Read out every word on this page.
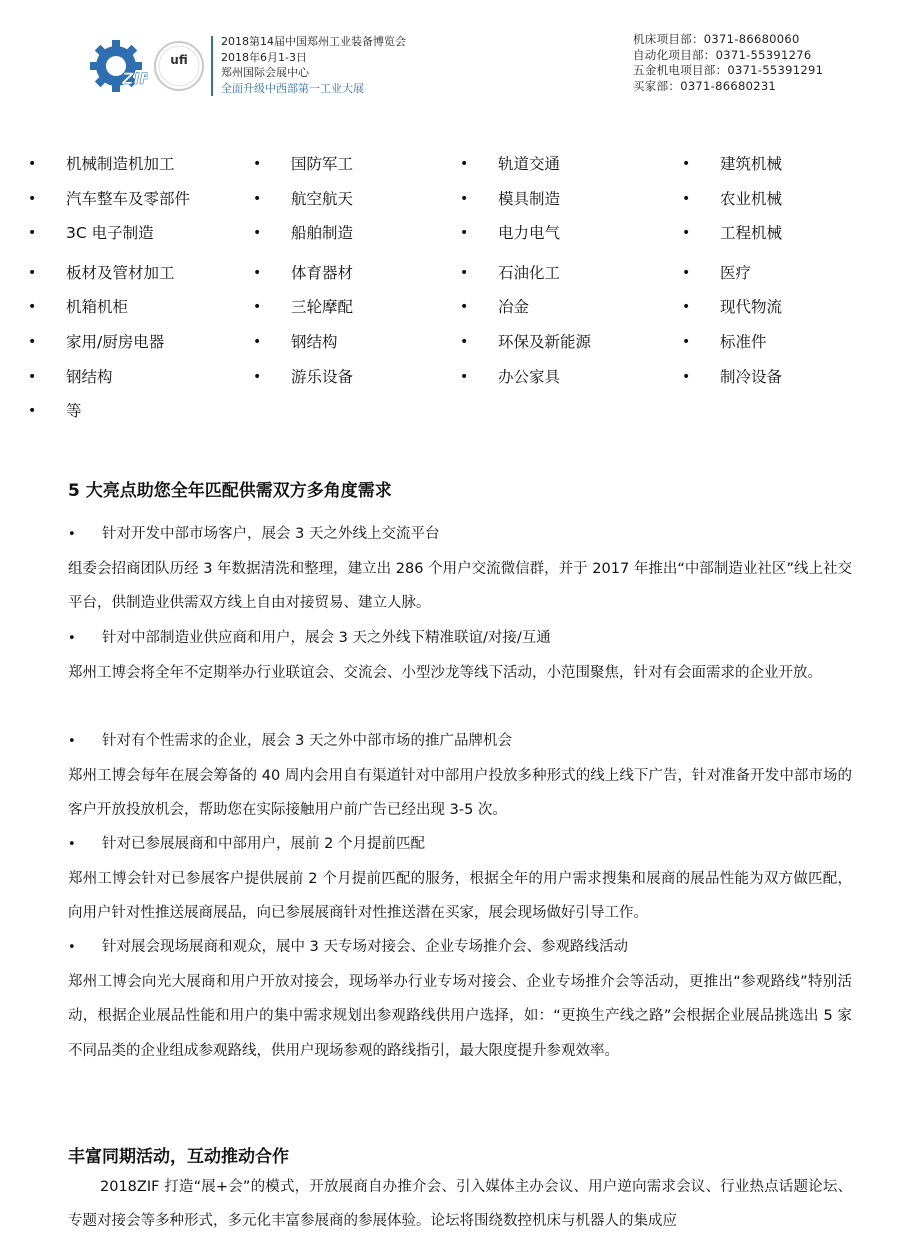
ZIF
ufi
2018第14届中国郑州工业装备博览会
2018年6月1-3日
郑州国际会展中心
全面升级中西部第一工业大展
机床项目部：0371-86680060
自动化项目部：0371-55391276
五金机电项目部：0371-55391291
买家部：0371-86680231
•	机械制造机加工	•	国防军工	•	轨道交通	•	建筑机械
•	汽车整车及零部件	•	航空航天	•	模具制造	•	农业机械
•	3C 电子制造	•	船舶制造	•	电力电气	•	工程机械
•	板材及管材加工	•	体育器材	•	石油化工	•	医疗
•	机箱机柜	•	三轮摩配	•	冶金	•	现代物流
•	家用/厨房电器	•	钢结构	•	环保及新能源	•	标准件
•	钢结构	•	游乐设备	•	办公家具	•	制冷设备
•	等
5 大亮点助您全年匹配供需双方多角度需求
• 针对开发中部市场客户，展会 3 天之外线上交流平台
组委会招商团队历经 3 年数据清洗和整理，建立出 286 个用户交流微信群，并于 2017 年推出“中部制造业社区”线上社交平台，供制造业供需双方线上自由对接贸易、建立人脉。
• 针对中部制造业供应商和用户，展会 3 天之外线下精准联谊/对接/互通
郑州工博会将全年不定期举办行业联谊会、交流会、小型沙龙等线下活动，小范围聚焦，针对有会面需求的企业开放。
• 针对有个性需求的企业，展会 3 天之外中部市场的推广品牌机会
郑州工博会每年在展会筹备的 40 周内会用自有渠道针对中部用户投放多种形式的线上线下广告，针对准备开发中部市场的客户开放投放机会，帮助您在实际接触用户前广告已经出现 3-5 次。
• 针对已参展展商和中部用户，展前 2 个月提前匹配
郑州工博会针对已参展客户提供展前 2 个月提前匹配的服务，根据全年的用户需求搜集和展商的展品性能为双方做匹配，向用户针对性推送展商展品，向已参展展商针对性推送潜在买家，展会现场做好引导工作。
• 针对展会现场展商和观众，展中 3 天专场对接会、企业专场推介会、参观路线活动
郑州工博会向光大展商和用户开放对接会，现场举办行业专场对接会、企业专场推介会等活动，更推出“参观路线”特别活动，根据企业展品性能和用户的集中需求规划出参观路线供用户选择，如：“更换生产线之路”会根据企业展品挑选出 5 家不同品类的企业组成参观路线，供用户现场参观的路线指引，最大限度提升参观效率。
丰富同期活动，互动推动合作
2018ZIF 打造“展+会”的模式，开放展商自办推介会、引入媒体主办会议、用户逆向需求会议、行业热点话题论坛、专题对接会等多种形式，多元化丰富参展商的参展体验。论坛将围绕数控机床与机器人的集成应
